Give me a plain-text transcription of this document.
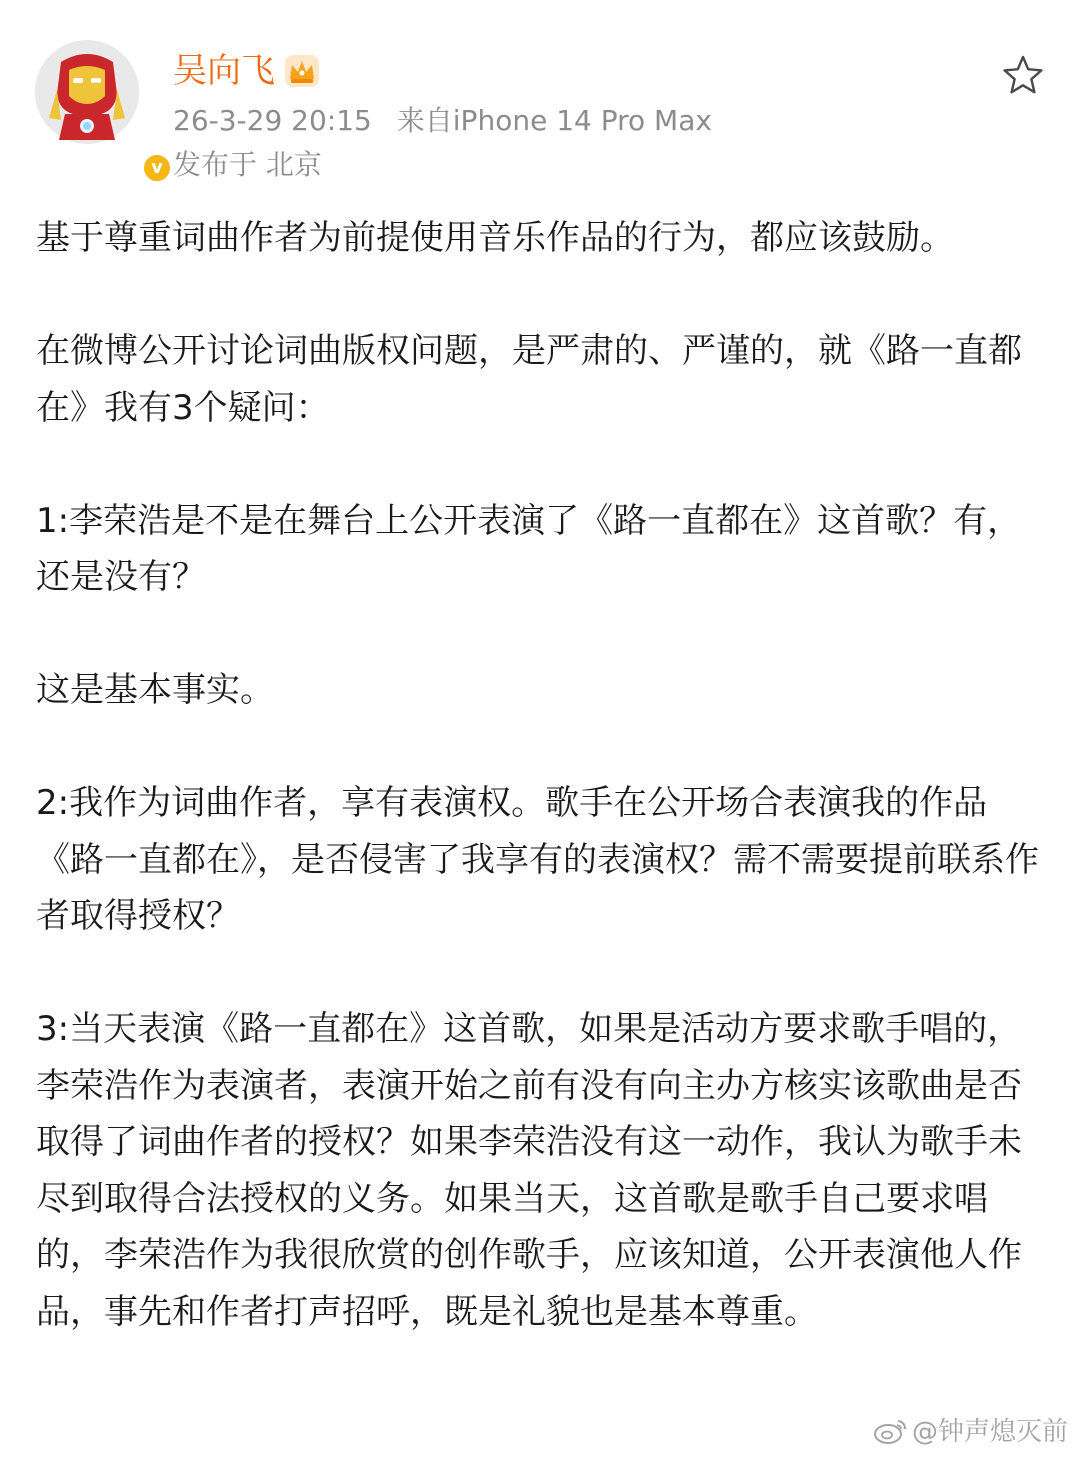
v
吴向飞
26-3-29 20:15 来自iPhone 14 Pro Max
发布于 北京

基于尊重词曲作者为前提使用音乐作品的行为，都应该鼓励。

在微博公开讨论词曲版权问题，是严肃的、严谨的，就《路一直都在》我有3个疑问：

1:李荣浩是不是在舞台上公开表演了《路一直都在》这首歌？有，还是没有？

这是基本事实。

2:我作为词曲作者，享有表演权。歌手在公开场合表演我的作品《路一直都在》，是否侵害了我享有的表演权？需不需要提前联系作者取得授权？

3:当天表演《路一直都在》这首歌，如果是活动方要求歌手唱的，李荣浩作为表演者，表演开始之前有没有向主办方核实该歌曲是否取得了词曲作者的授权？如果李荣浩没有这一动作，我认为歌手未尽到取得合法授权的义务。如果当天，这首歌是歌手自己要求唱的，李荣浩作为我很欣赏的创作歌手，应该知道，公开表演他人作品，事先和作者打声招呼，既是礼貌也是基本尊重。

@钟声熄灭前
